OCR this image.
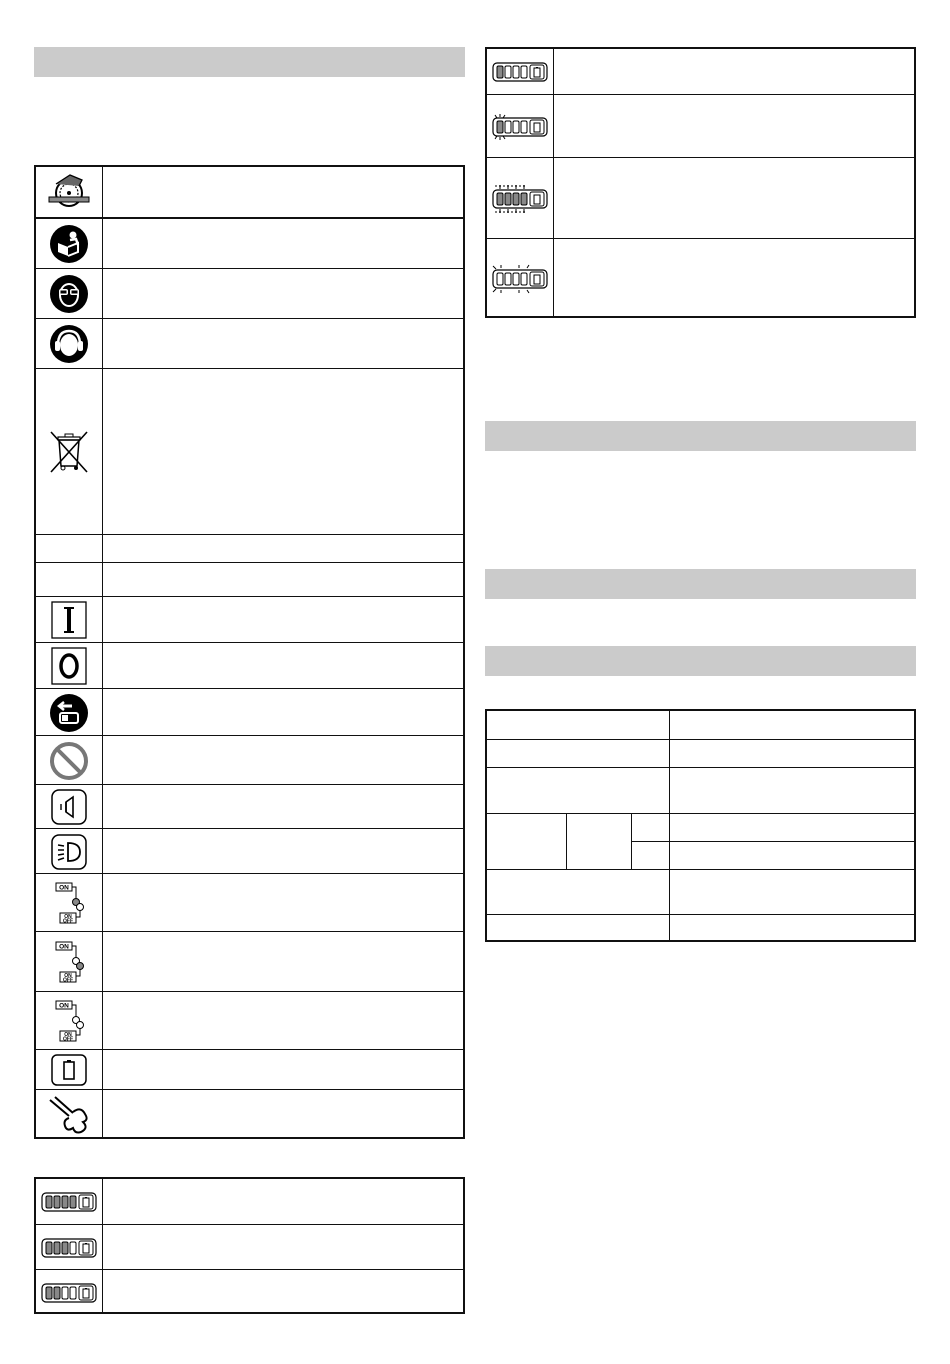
ON
ON
OFF
ON
ON
OFF
ON
ON
OFF
